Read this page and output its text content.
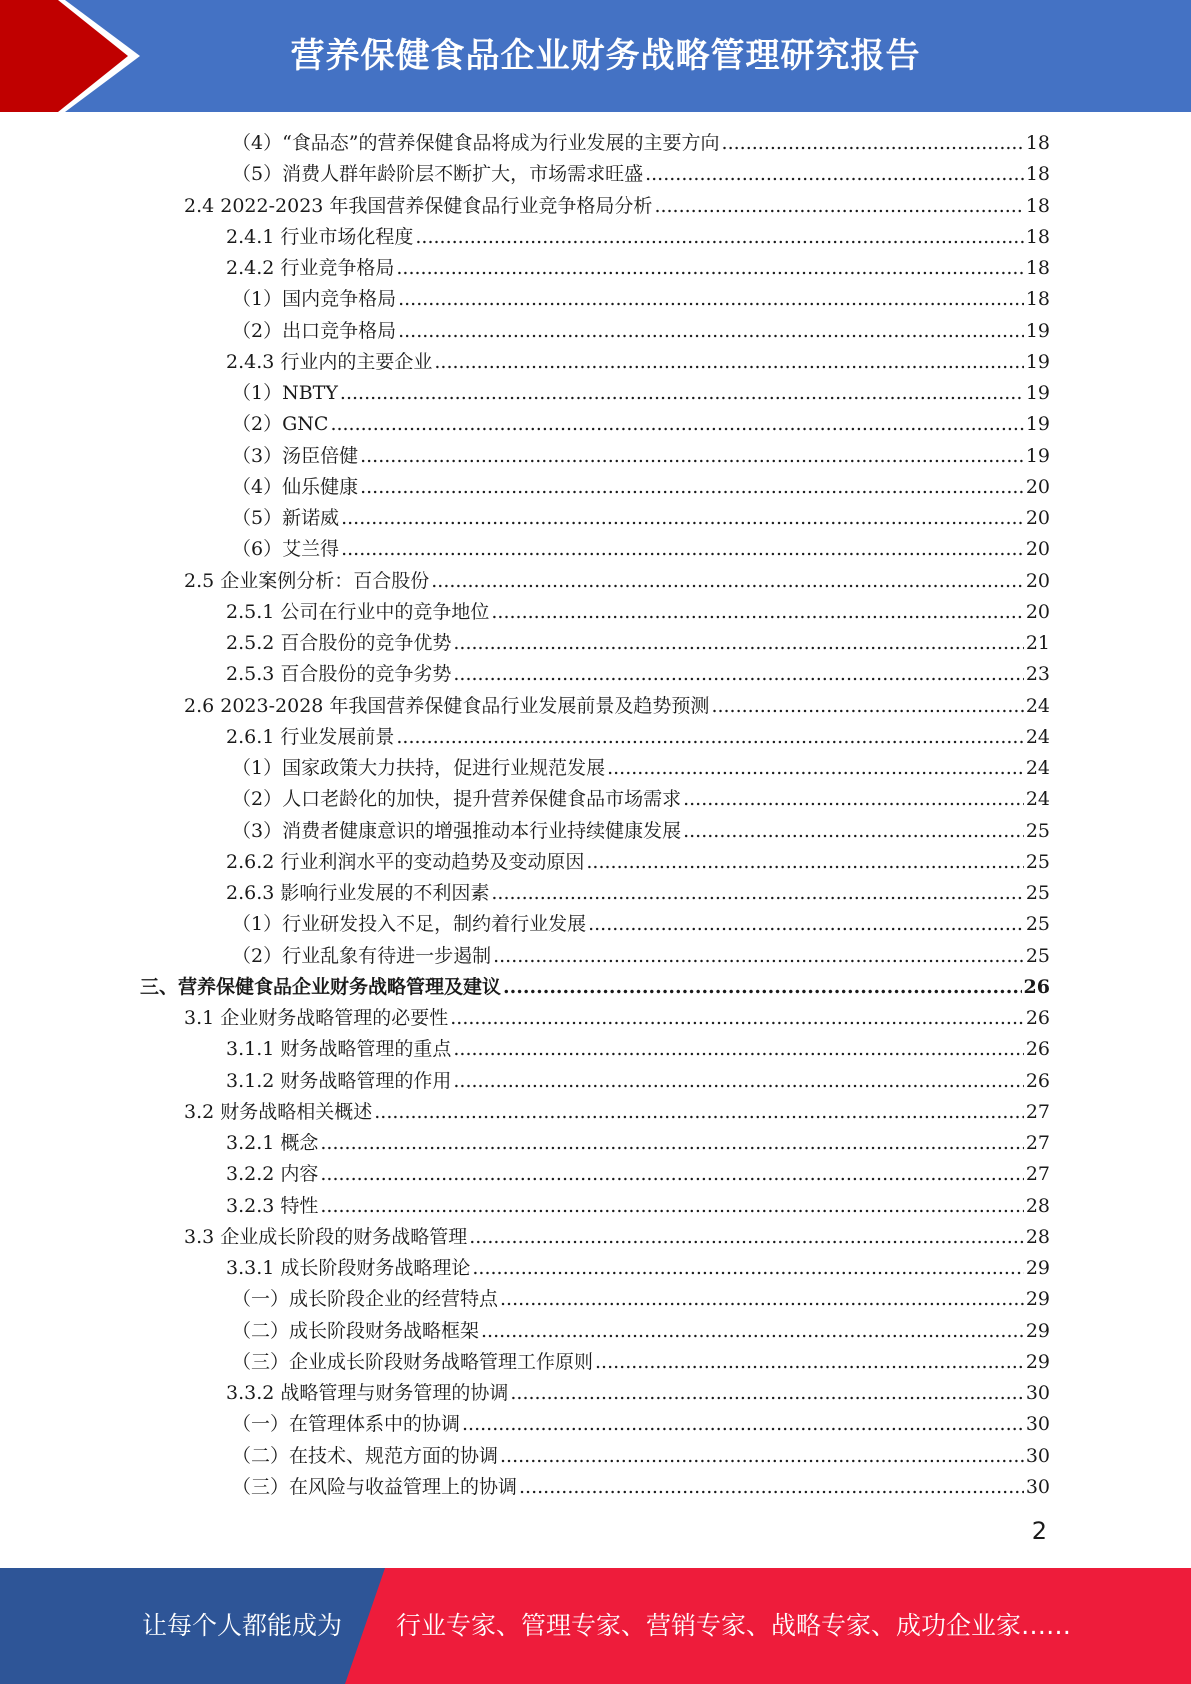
营养保健食品企业财务战略管理研究报告
（4）“食品态”的营养保健食品将成为行业发展的主要方向 .....	18
（5）消费人群年龄阶层不断扩大，市场需求旺盛 .....	18
2.4 2022-2023 年我国营养保健食品行业竞争格局分析 .....	18
2.4.1 行业市场化程度 .....	18
2.4.2 行业竞争格局 .....	18
（1）国内竞争格局 .....	18
（2）出口竞争格局 .....	19
2.4.3 行业内的主要企业 .....	19
（1）NBTY .....	19
（2）GNC .....	19
（3）汤臣倍健 .....	19
（4）仙乐健康 .....	20
（5）新诺威 .....	20
（6）艾兰得 .....	20
2.5 企业案例分析：百合股份 .....	20
2.5.1 公司在行业中的竞争地位 .....	20
2.5.2 百合股份的竞争优势 .....	21
2.5.3 百合股份的竞争劣势 .....	23
2.6 2023-2028 年我国营养保健食品行业发展前景及趋势预测 .....	24
2.6.1 行业发展前景 .....	24
（1）国家政策大力扶持，促进行业规范发展 .....	24
（2）人口老龄化的加快，提升营养保健食品市场需求 .....	24
（3）消费者健康意识的增强推动本行业持续健康发展 .....	25
2.6.2 行业利润水平的变动趋势及变动原因 .....	25
2.6.3 影响行业发展的不利因素 .....	25
（1）行业研发投入不足，制约着行业发展 .....	25
（2）行业乱象有待进一步遏制 .....	25
三、营养保健食品企业财务战略管理及建议 .....	26
3.1 企业财务战略管理的必要性 .....	26
3.1.1 财务战略管理的重点 .....	26
3.1.2 财务战略管理的作用 .....	26
3.2 财务战略相关概述 .....	27
3.2.1 概念 .....	27
3.2.2 内容 .....	27
3.2.3 特性 .....	28
3.3 企业成长阶段的财务战略管理 .....	28
3.3.1 成长阶段财务战略理论 .....	29
（一）成长阶段企业的经营特点 .....	29
（二）成长阶段财务战略框架 .....	29
（三）企业成长阶段财务战略管理工作原则 .....	29
3.3.2 战略管理与财务管理的协调 .....	30
（一）在管理体系中的协调 .....	30
（二）在技术、规范方面的协调 .....	30
（三）在风险与收益管理上的协调 .....	30
2
让每个人都能成为 行业专家、管理专家、营销专家、战略专家、成功企业家……
